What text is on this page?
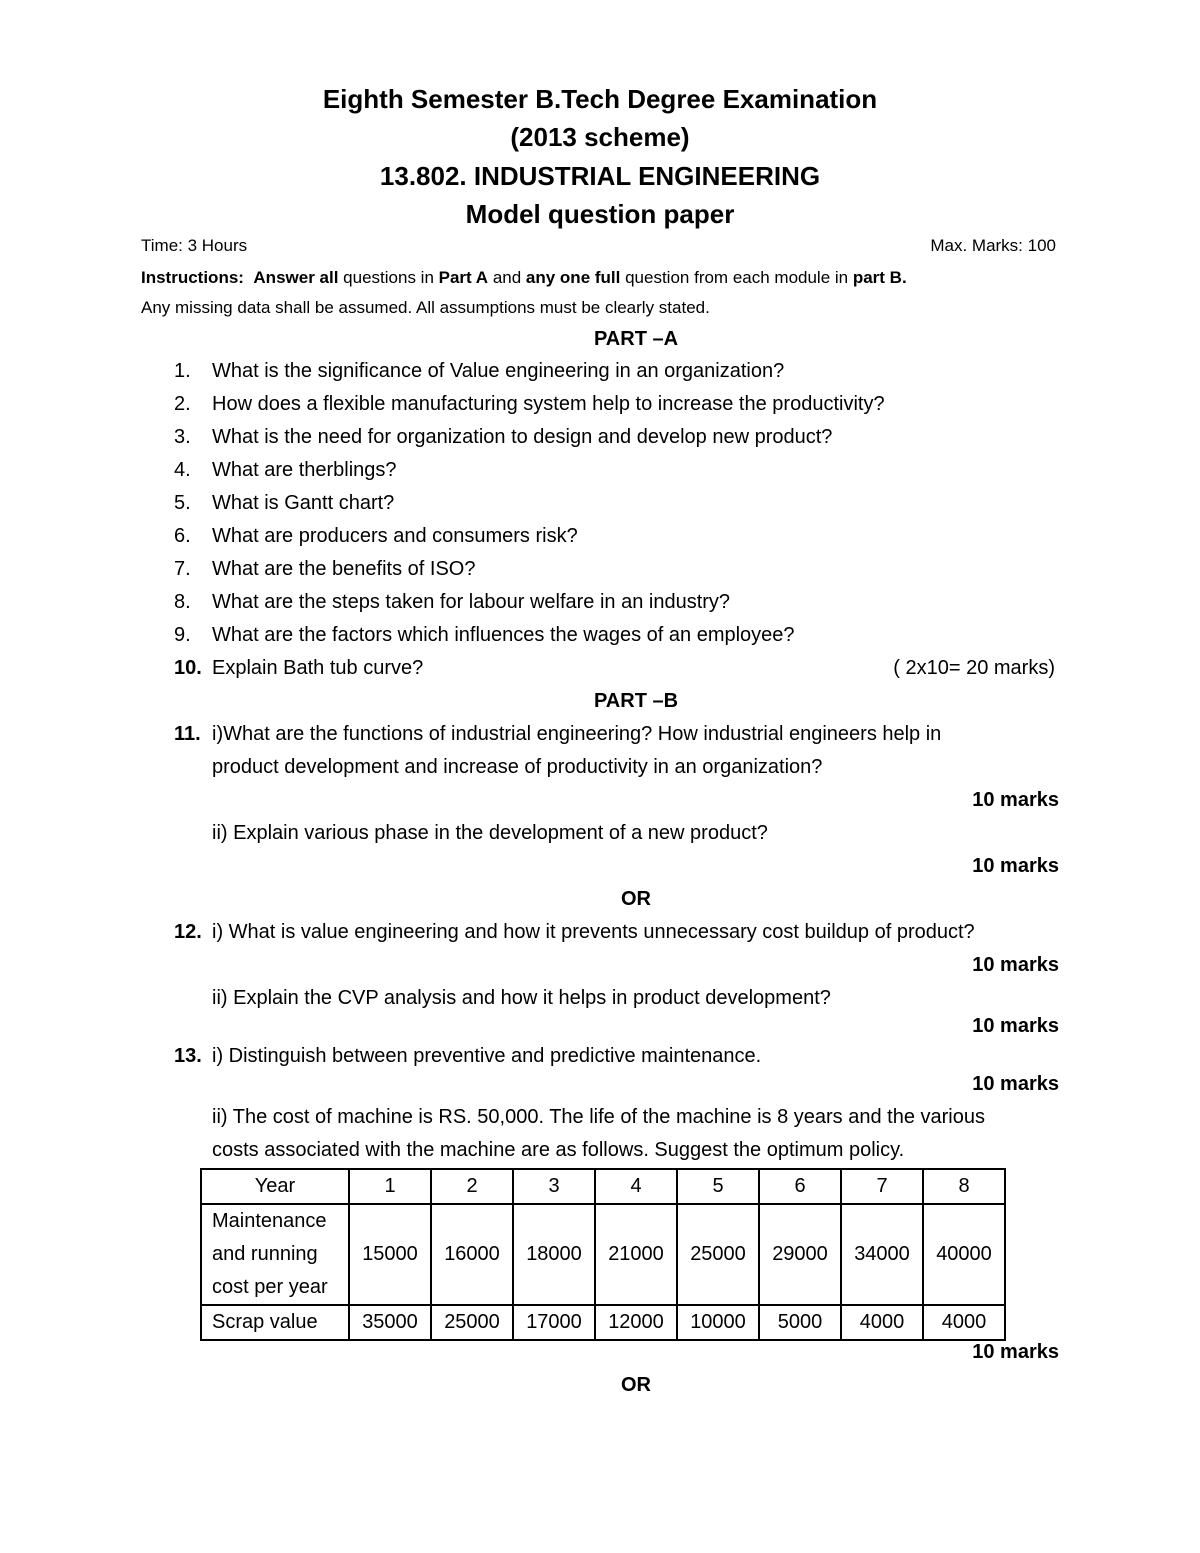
Eighth Semester B.Tech Degree Examination
(2013 scheme)
13.802. INDUSTRIAL ENGINEERING
Model question paper
Time: 3 Hours	Max. Marks: 100
Instructions: Answer all questions in Part A and any one full question from each module in part B.
Any missing data shall be assumed. All assumptions must be clearly stated.
PART –A
1. What is the significance of Value engineering in an organization?
2. How does a flexible manufacturing system help to increase the productivity?
3. What is the need for organization to design and develop new product?
4. What are therblings?
5. What is Gantt chart?
6. What are producers and consumers risk?
7. What are the benefits of ISO?
8. What are the steps taken for labour welfare in an industry?
9. What are the factors which influences the wages of an employee?
10. Explain Bath tub curve?	( 2x10= 20 marks)
PART –B
11. i)What are the functions of industrial engineering? How industrial engineers help in
product development and increase of productivity in an organization?
10 marks
ii) Explain various phase in the development of a new product?
10 marks
OR
12. i) What is value engineering and how it prevents unnecessary cost buildup of product?
10 marks
ii) Explain the CVP analysis and how it helps in product development?
10 marks
13. i) Distinguish between preventive and predictive maintenance.
10 marks
ii) The cost of machine is RS. 50,000. The life of the machine is 8 years and the various
costs associated with the machine are as follows. Suggest the optimum policy.
Year	1	2	3	4	5	6	7	8

Maintenance
and running
cost per year	15000	16000	18000	21000	25000	29000	34000	40000
Scrap value	35000	25000	17000	12000	10000	5000	4000	4000
10 marks
OR
